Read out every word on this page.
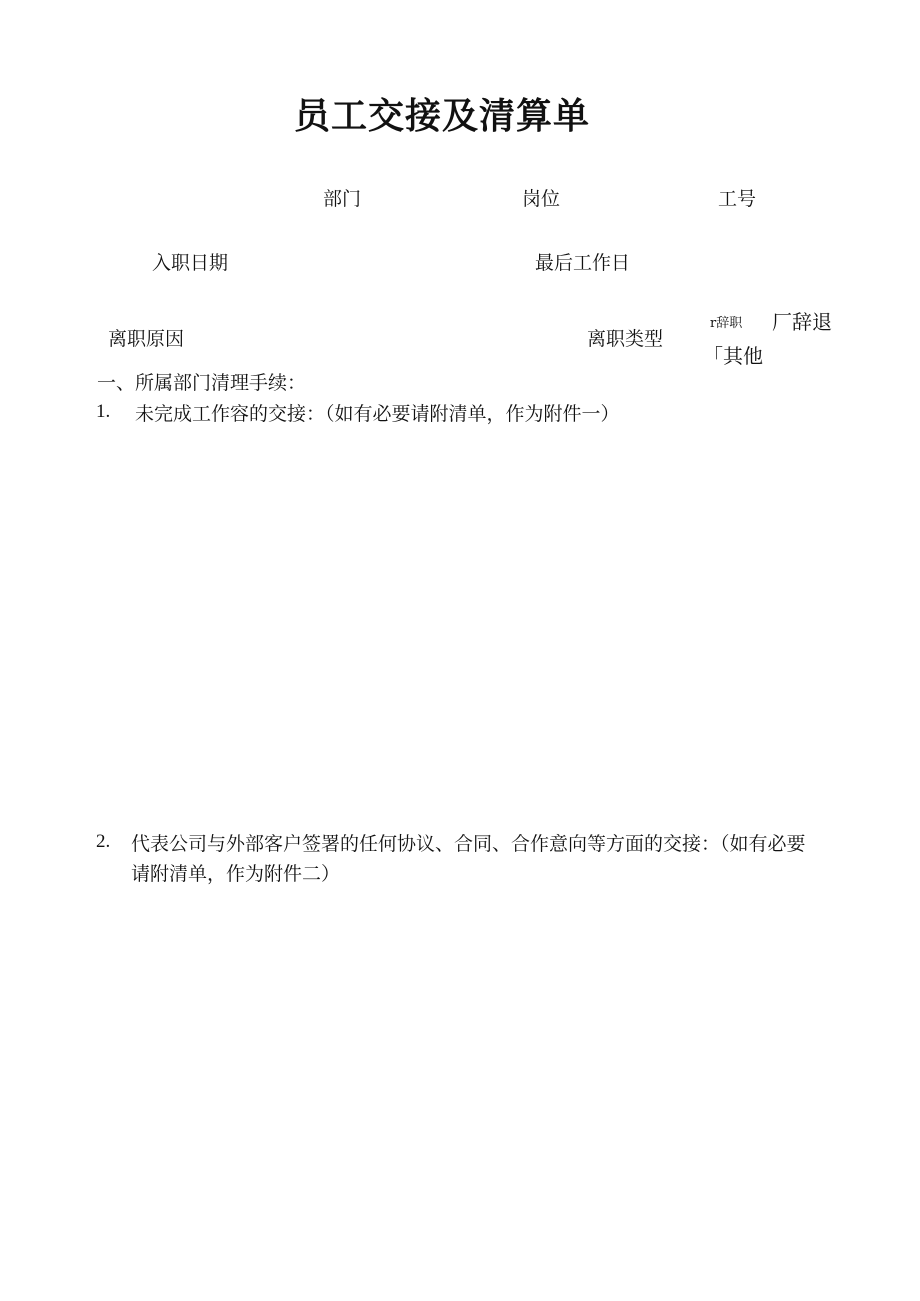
员工交接及清算单
部门	岗位	工号
入职日期	最后工作日
离职原因	离职类型
r辞职 厂辞退
「其他
一、所属部门清理手续：
1. 未完成工作容的交接：（如有必要请附清单，作为附件一）
2. 代表公司与外部客户签署的任何协议、合同、合作意向等方面的交接：（如有必要
请附清单，作为附件二）
